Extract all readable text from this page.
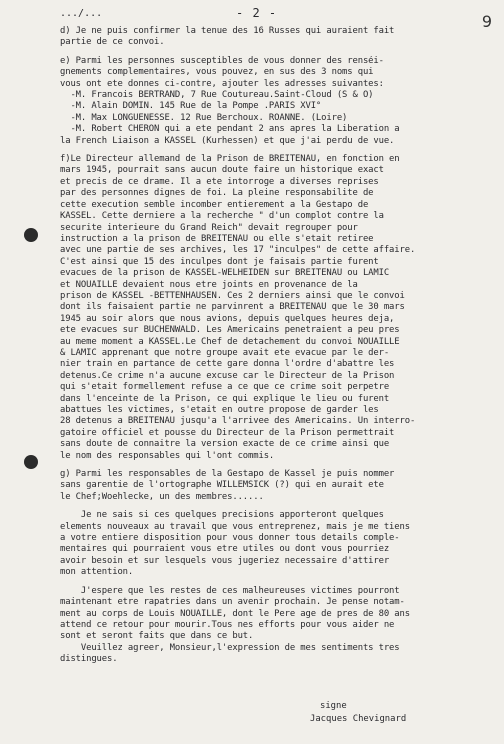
.../...	- 2 -	9
d) Je ne puis confirmer la tenue des 16 Russes qui auraient fait
partie de ce convoi.
e) Parmi les personnes susceptibles de vous donner des renséi-
gnements complementaires, vous pouvez, en sus des 3 noms qui
vous ont ete donnes ci-contre, ajouter les adresses suivantes:
-M. Francois BERTRAND, 7 Rue Coutureau.Saint-Cloud (S & O)
-M. Alain DOMIN. 145 Rue de la Pompe .PARIS XVI°
-M. Max LONGUENESSE. 12 Rue Berchoux. ROANNE. (Loire)
-M. Robert CHERON qui a ete pendant 2 ans apres la Liberation a
la French Liaison a KASSEL (Kurhessen) et que j'ai perdu de vue.
f)Le Directeur allemand de la Prison de BREITENAU, en fonction en
mars 1945, pourrait sans aucun doute faire un historique exact
et precis de ce drame. Il a ete intorroge a diverses reprises
par des personnes dignes de foi. La pleine responsabilite de
cette execution semble incomber entierement a la Gestapo de
KASSEL. Cette derniere a la recherche " d'un complot contre la
securite interieure du Grand Reich" devait regrouper pour
instruction a la prison de BREITENAU ou elle s'etait retiree
avec une partie de ses archives, les 17 "inculpes" de cette affaire.
C'est ainsi que 15 des inculpes dont je faisais partie furent
evacues de la prison de KASSEL-WELHEIDEN sur BREITENAU ou LAMIC
et NOUAILLE devaient nous etre joints en provenance de la
prison de KASSEL -BETTENHAUSEN. Ces 2 derniers ainsi que le convoi
dont ils faisaient partie ne parvinrent a BREITENAU que le 30 mars
1945 au soir alors que nous avions, depuis quelques heures deja,
ete evacues sur BUCHENWALD. Les Americains penetraient a peu pres
au meme moment a KASSEL.Le Chef de detachement du convoi NOUAILLE
& LAMIC apprenant que notre groupe avait ete evacue par le der-
nier train en partance de cette gare donna l'ordre d'abattre les
detenus.Ce crime n'a aucune excuse car le Directeur de la Prison
qui s'etait formellement refuse a ce que ce crime soit perpetre
dans l'enceinte de la Prison, ce qui explique le lieu ou furent
abattues les victimes, s'etait en outre propose de garder les
28 detenus a BREITENAU jusqu'a l'arrivee des Americains. Un interro-
gatoire officiel et pousse du Directeur de la Prison permettrait
sans doute de connaitre la version exacte de ce crime ainsi que
le nom des responsables qui l'ont commis.
g) Parmi les responsables de la Gestapo de Kassel je puis nommer
sans garentie de l'ortographe WILLEMSICK (?) qui en aurait ete
le Chef;Woehlecke, un des membres......
Je ne sais si ces quelques precisions apporteront quelques
elements nouveaux au travail que vous entreprenez, mais je me tiens
a votre entiere disposition pour vous donner tous details comple-
mentaires qui pourraient vous etre utiles ou dont vous pourriez
avoir besoin et sur lesquels vous jugeriez necessaire d'attirer
mon attention.
J'espere que les restes de ces malheureuses victimes pourront
maintenant etre rapatries dans un avenir prochain. Je pense notam-
ment au corps de Louis NOUAILLE, dont le Pere age de pres de 80 ans
attend ce retour pour mourir.Tous nes efforts pour vous aider ne
sont et seront faits que dans ce but.
Veuillez agreer, Monsieur,l'expression de mes sentiments tres
distingues.
signe
Jacques Chevignard
